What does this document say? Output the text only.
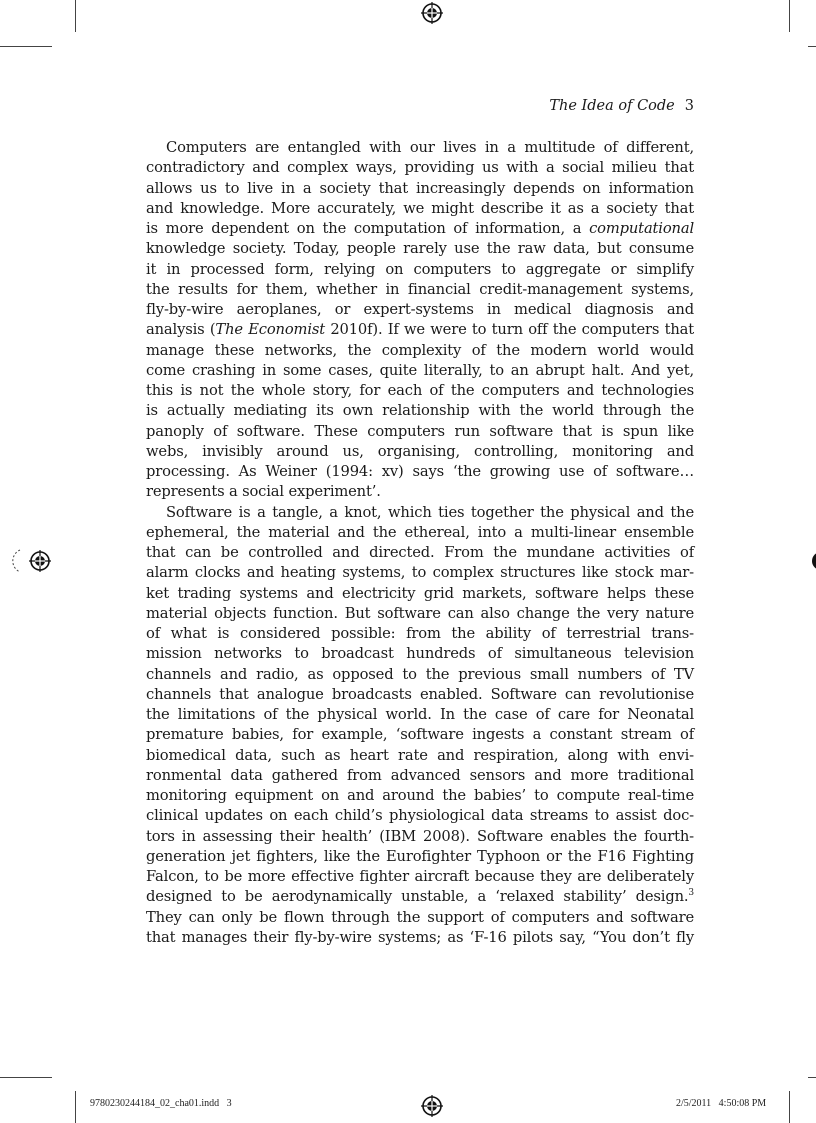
The Idea of Code 3

Computers are entangled with our lives in a multitude of different,
contradictory and complex ways, providing us with a social milieu that
allows us to live in a society that increasingly depends on information
and knowledge. More accurately, we might describe it as a society that
is more dependent on the computation of information, a computational
knowledge society. Today, people rarely use the raw data, but consume
it in processed form, relying on computers to aggregate or simplify
the results for them, whether in financial credit-management systems,
fly-by-wire aeroplanes, or expert-systems in medical diagnosis and
analysis (The Economist 2010f). If we were to turn off the computers that
manage these networks, the complexity of the modern world would
come crashing in some cases, quite literally, to an abrupt halt. And yet,
this is not the whole story, for each of the computers and technologies
is actually mediating its own relationship with the world through the
panoply of software. These computers run software that is spun like
webs, invisibly around us, organising, controlling, monitoring and
processing. As Weiner (1994: xv) says ‘the growing use of software…
represents a social experiment’.

Software is a tangle, a knot, which ties together the physical and the
ephemeral, the material and the ethereal, into a multi-linear ensemble
that can be controlled and directed. From the mundane activities of
alarm clocks and heating systems, to complex structures like stock mar-
ket trading systems and electricity grid markets, software helps these
material objects function. But software can also change the very nature
of what is considered possible: from the ability of terrestrial trans-
mission networks to broadcast hundreds of simultaneous television
channels and radio, as opposed to the previous small numbers of TV
channels that analogue broadcasts enabled. Software can revolutionise
the limitations of the physical world. In the case of care for Neonatal
premature babies, for example, ‘software ingests a constant stream of
biomedical data, such as heart rate and respiration, along with envi-
ronmental data gathered from advanced sensors and more traditional
monitoring equipment on and around the babies’ to compute real-time
clinical updates on each child’s physiological data streams to assist doc-
tors in assessing their health’ (IBM 2008). Software enables the fourth-
generation jet fighters, like the Eurofighter Typhoon or the F16 Fighting
Falcon, to be more effective fighter aircraft because they are deliberately
designed to be aerodynamically unstable, a ‘relaxed stability’ design.$^3$
They can only be flown through the support of computers and software
that manages their fly-by-wire systems; as ‘F-16 pilots say, “You don’t fly

9780230244184_02_cha01.indd   3	2/5/2011   4:50:08 PM
